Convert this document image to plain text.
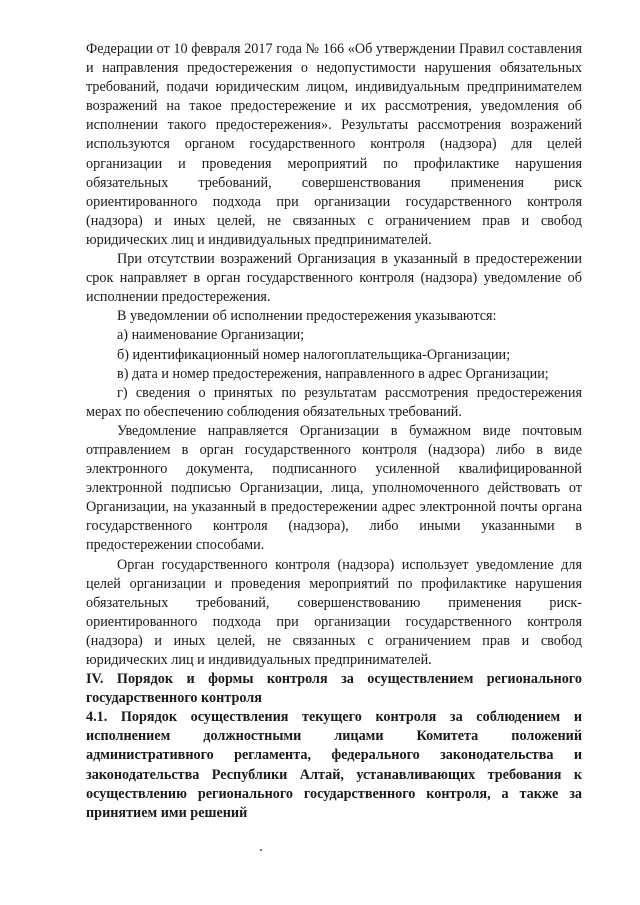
Федерации от 10 февраля 2017 года № 166 «Об утверждении Правил составления и направления предостережения о недопустимости нарушения обязательных требований, подачи юридическим лицом, индивидуальным предпринимателем возражений на такое предостережение и их рассмотрения, уведомления об исполнении такого предостережения». Результаты рассмотрения возражений используются органом государственного контроля (надзора) для целей организации и проведения мероприятий по профилактике нарушения обязательных требований, совершенствования применения риск ориентированного подхода при организации государственного контроля (надзора) и иных целей, не связанных с ограничением прав и свобод юридических лиц и индивидуальных предпринимателей.

При отсутствии возражений Организация в указанный в предостережении срок направляет в орган государственного контроля (надзора) уведомление об исполнении предостережения.

В уведомлении об исполнении предостережения указываются:

а) наименование Организации;

б) идентификационный номер налогоплательщика-Организации;

в) дата и номер предостережения, направленного в адрес Организации;

г) сведения о принятых по результатам рассмотрения предостережения мерах по обеспечению соблюдения обязательных требований.

Уведомление направляется Организации в бумажном виде почтовым отправлением в орган государственного контроля (надзора) либо в виде электронного документа, подписанного усиленной квалифицированной электронной подписью Организации, лица, уполномоченного действовать от Организации, на указанный в предостережении адрес электронной почты органа государственного контроля (надзора), либо иными указанными в предостережении способами.

Орган государственного контроля (надзора) использует уведомление для целей организации и проведения мероприятий по профилактике нарушения обязательных требований, совершенствованию применения риск-ориентированного подхода при организации государственного контроля (надзора) и иных целей, не связанных с ограничением прав и свобод юридических лиц и индивидуальных предпринимателей.

IV. Порядок и формы контроля за осуществлением регионального государственного контроля

4.1. Порядок осуществления текущего контроля за соблюдением и исполнением должностными лицами Комитета положений административного регламента, федерального законодательства и законодательства Республики Алтай, устанавливающих требования к осуществлению регионального государственного контроля, а также за принятием ими решений
